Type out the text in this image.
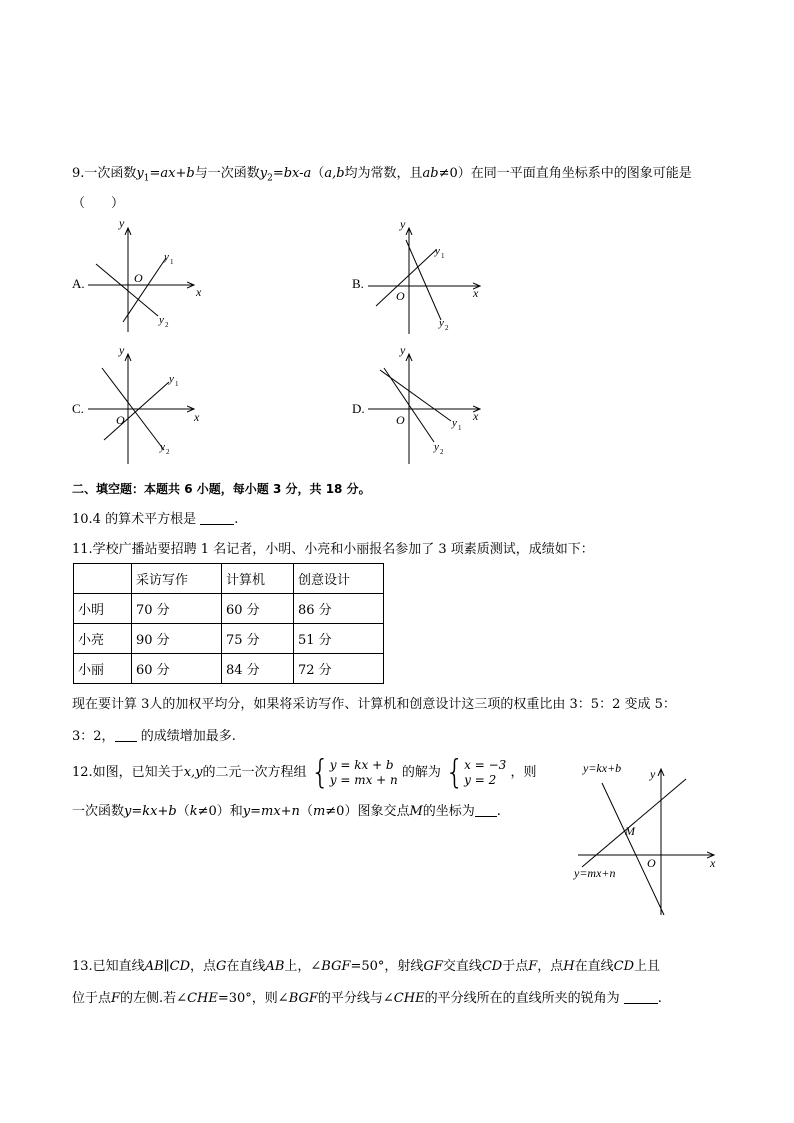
9.一次函数$y_1=ax+b$与一次函数$y_2=bx-a(a,b$均为常数，且ab≠0）在同一平面直角坐标系中的图象可能是
（　　）
A.
y
x
O
y 1
y 2
B.
y
x
O
y 1
y 2
C.
y
x
O
y 1
y 2
D.
y
x
O	y 1
y 2
二、填空题：本题共 6 小题，每小题 3 分，共 18 分。
10.4 的算术平方根是	.
11.学校广播站要招聘 1 名记者，小明、小亮和小丽报名参加了 3 项素质测试，成绩如下：
	采访写作	计算机	创意设计
小明	70 分	60 分	86 分
小亮	90 分	75 分	51 分
小丽	60 分	84 分	72 分
现在要计算 3人的加权平均分，如果将采访写作、计算机和创意设计这三项的权重比由 3：5：2 变成 5：
3：2， 的成绩增加最多.
12.如图，已知关于x,y的二元一次方程组 {y = kx + b
y = mx + n 的解为 {x = −3
y = 2 ，则
一次函数y=kx+b（k≠0）和y=mx+n（m≠0）图象交点M的坐标为 .
y=kx+b
y=mx+n
M
O	x
y
13.已知直线AB∥CD，点G在直线AB上，∠BGF=50°，射线GF交直线CD于点F，点H在直线CD上且
位于点F的左侧.若∠CHE=30°，则∠BGF的平分线与∠CHE的平分线所在的直线所夹的锐角为	.
